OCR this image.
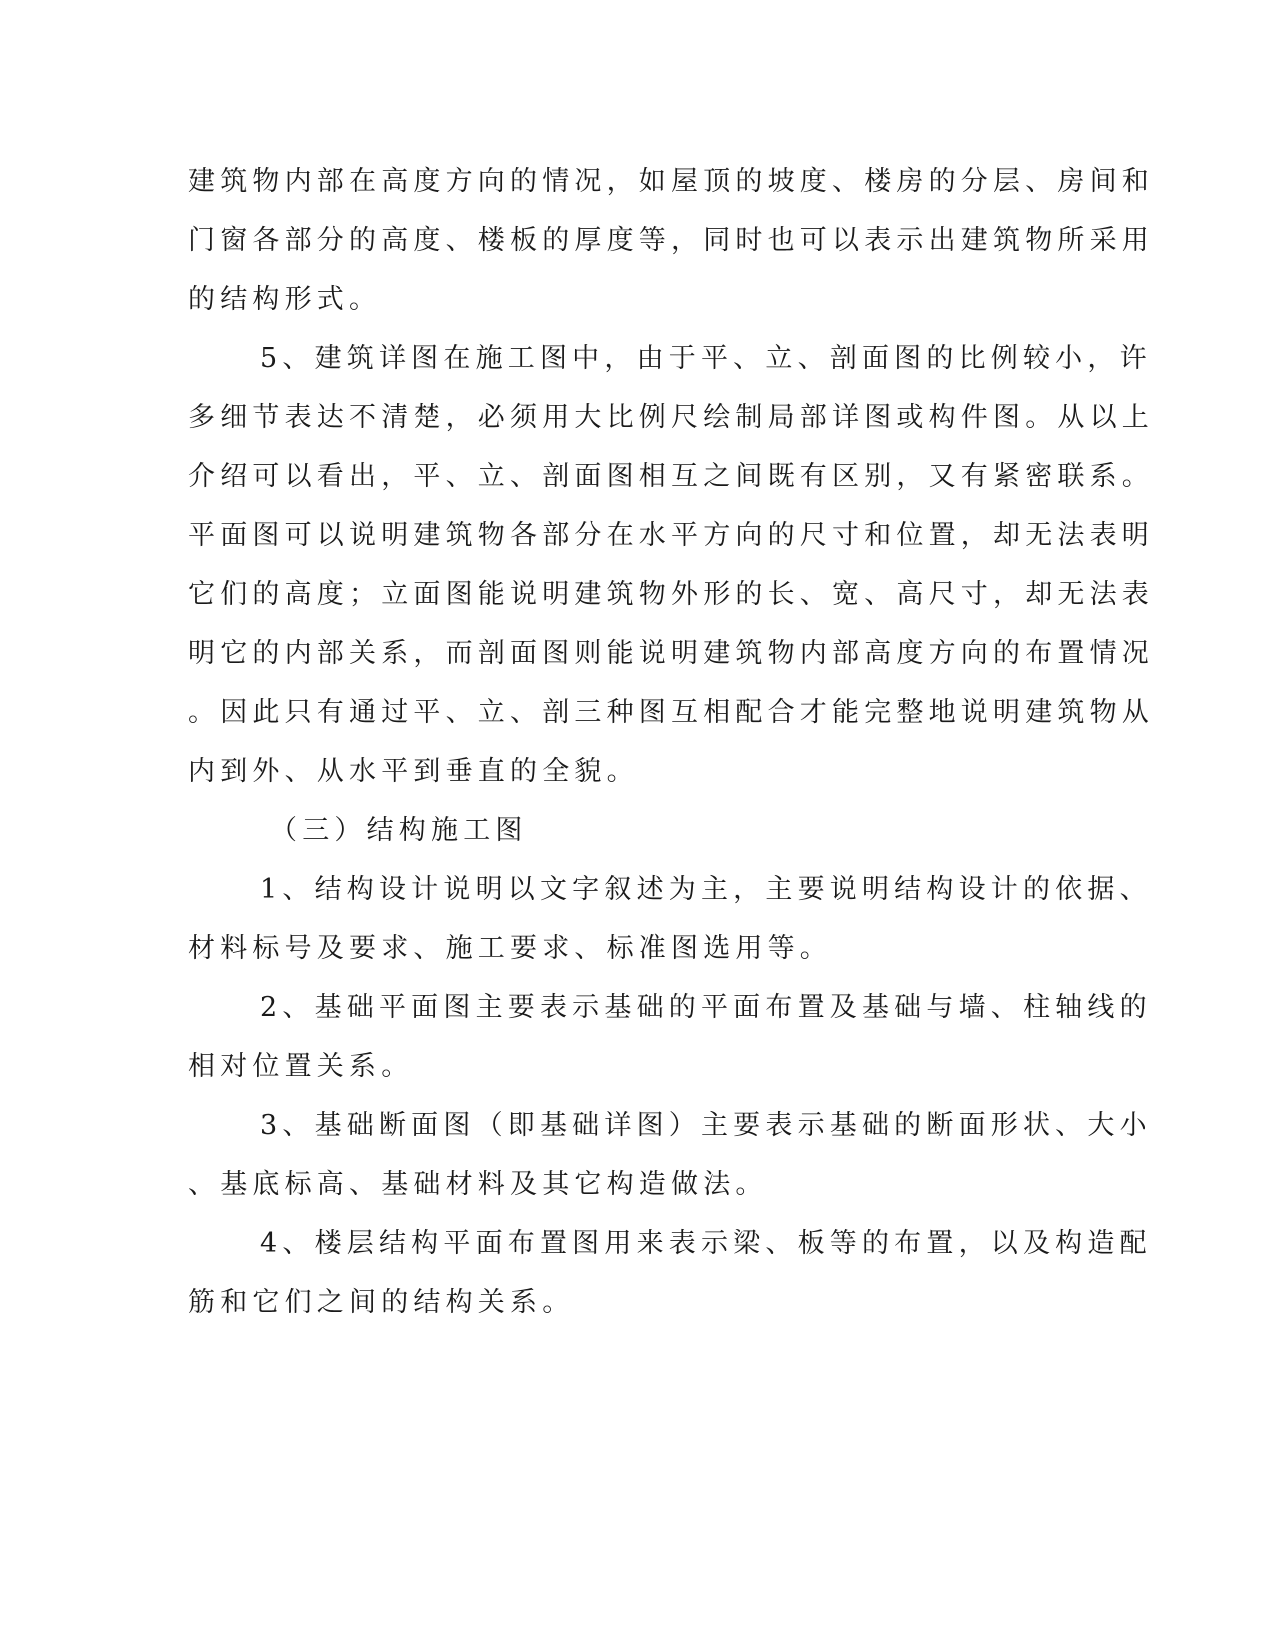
建筑物内部在高度方向的情况，如屋顶的坡度、楼房的分层、房间和
门窗各部分的高度、楼板的厚度等，同时也可以表示出建筑物所采用
的结构形式。
5、建筑详图在施工图中，由于平、立、剖面图的比例较小，许
多细节表达不清楚，必须用大比例尺绘制局部详图或构件图。从以上
介绍可以看出，平、立、剖面图相互之间既有区别，又有紧密联系。
平面图可以说明建筑物各部分在水平方向的尺寸和位置，却无法表明
它们的高度；立面图能说明建筑物外形的长、宽、高尺寸，却无法表
明它的内部关系，而剖面图则能说明建筑物内部高度方向的布置情况
。因此只有通过平、立、剖三种图互相配合才能完整地说明建筑物从
内到外、从水平到垂直的全貌。
（三）结构施工图
1、结构设计说明以文字叙述为主，主要说明结构设计的依据、
材料标号及要求、施工要求、标准图选用等。
2、基础平面图主要表示基础的平面布置及基础与墙、柱轴线的
相对位置关系。
3、基础断面图（即基础详图）主要表示基础的断面形状、大小
、基底标高、基础材料及其它构造做法。
4、楼层结构平面布置图用来表示梁、板等的布置，以及构造配
筋和它们之间的结构关系。
